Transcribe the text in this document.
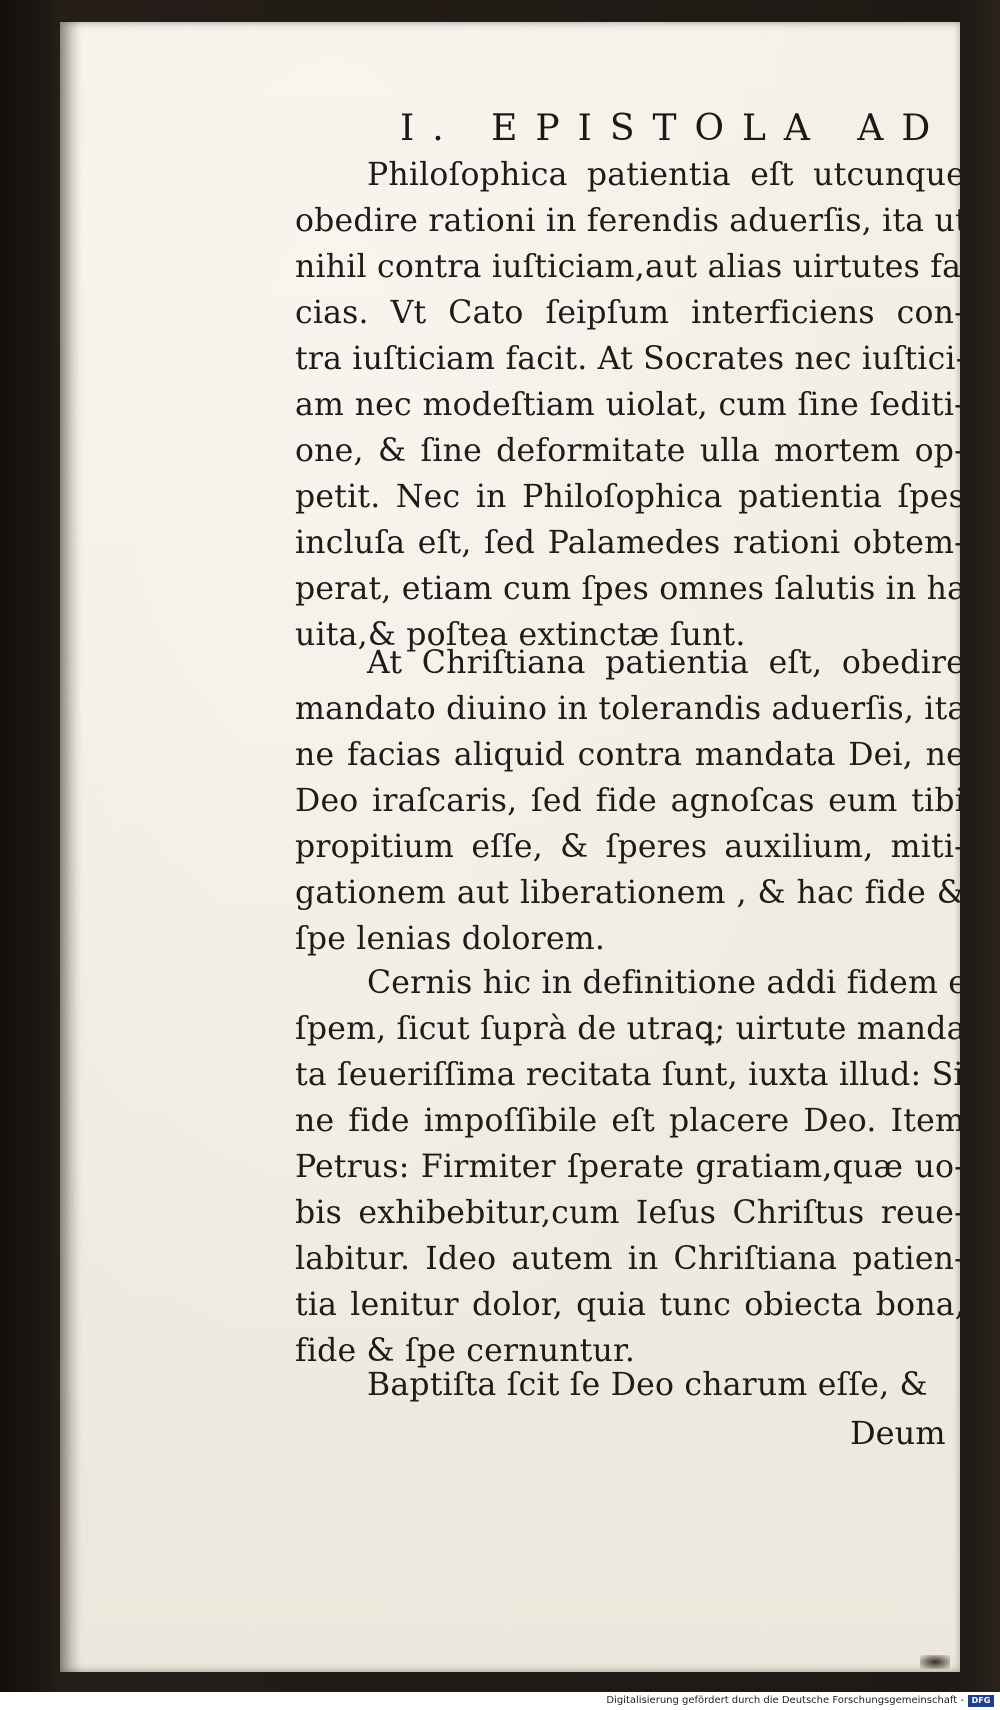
I. EPISTOLA AD
Philoſophica patientia eſt utcunque
obedire rationi in ferendis aduerſis, ita ut
nihil contra iuſticiam,aut alias uirtutes fa-
cias. Vt Cato ſeipſum interficiens con-
tra iuſticiam facit. At Socrates nec iuſtici-
am nec modeſtiam uiolat, cum ſine ſediti-
one, & ſine deformitate ulla mortem op-
petit. Nec in Philoſophica patientia ſpes
incluſa eſt, ſed Palamedes rationi obtem-
perat, etiam cum ſpes omnes ſalutis in hac
uita,& poſtea extinctæ ſunt.
At Chriſtiana patientia eſt, obedire
mandato diuino in tolerandis aduerſis, ita,
ne facias aliquid contra mandata Dei, ne
Deo iraſcaris, ſed fide agnoſcas eum tibi
propitium eſſe, & ſperes auxilium, miti-
gationem aut liberationem , & hac fide &
ſpe lenias dolorem.
Cernis hic in definitione addi fidem et
ſpem, ſicut ſuprà de utraꝗ; uirtute manda-
ta ſeueriſſima recitata ſunt, iuxta illud: Si-
ne fide impoſſibile eſt placere Deo. Item
Petrus: Firmiter ſperate gratiam,quæ uo-
bis exhibebitur,cum Ieſus Chriſtus reue-
labitur. Ideo autem in Chriſtiana patien-
tia lenitur dolor, quia tunc obiecta bona,
fide & ſpe cernuntur.
Baptiſta ſcit ſe Deo charum eſſe, &
Deum
Digitalisierung gefördert durch die Deutsche Forschungsgemeinschaft - DFG
